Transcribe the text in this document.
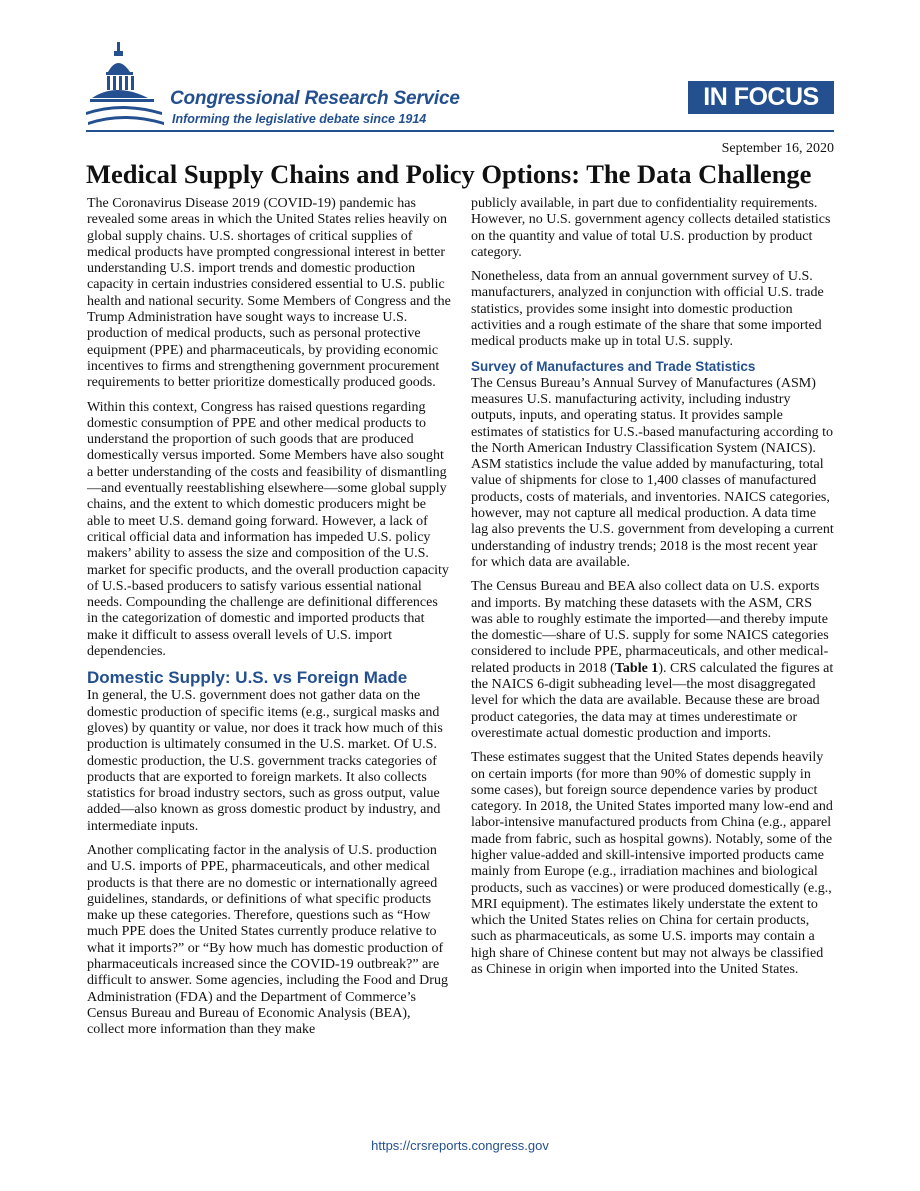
Congressional Research Service
Informing the legislative debate since 1914
IN FOCUS
September 16, 2020
Medical Supply Chains and Policy Options: The Data Challenge

The Coronavirus Disease 2019 (COVID-19) pandemic has revealed some areas in which the United States relies heavily on global supply chains. U.S. shortages of critical supplies of medical products have prompted congressional interest in better understanding U.S. import trends and domestic production capacity in certain industries considered essential to U.S. public health and national security. Some Members of Congress and the Trump Administration have sought ways to increase U.S. production of medical products, such as personal protective equipment (PPE) and pharmaceuticals, by providing economic incentives to firms and strengthening government procurement requirements to better prioritize domestically produced goods.

Within this context, Congress has raised questions regarding domestic consumption of PPE and other medical products to understand the proportion of such goods that are produced domestically versus imported. Some Members have also sought a better understanding of the costs and feasibility of dismantling—and eventually reestablishing elsewhere—some global supply chains, and the extent to which domestic producers might be able to meet U.S. demand going forward. However, a lack of critical official data and information has impeded U.S. policy makers’ ability to assess the size and composition of the U.S. market for specific products, and the overall production capacity of U.S.-based producers to satisfy various essential national needs. Compounding the challenge are definitional differences in the categorization of domestic and imported products that make it difficult to assess overall levels of U.S. import dependencies.

Domestic Supply: U.S. vs Foreign Made

In general, the U.S. government does not gather data on the domestic production of specific items (e.g., surgical masks and gloves) by quantity or value, nor does it track how much of this production is ultimately consumed in the U.S. market. Of U.S. domestic production, the U.S. government tracks categories of products that are exported to foreign markets. It also collects statistics for broad industry sectors, such as gross output, value added—also known as gross domestic product by industry, and intermediate inputs.

Another complicating factor in the analysis of U.S. production and U.S. imports of PPE, pharmaceuticals, and other medical products is that there are no domestic or internationally agreed guidelines, standards, or definitions of what specific products make up these categories. Therefore, questions such as “How much PPE does the United States currently produce relative to what it imports?” or “By how much has domestic production of pharmaceuticals increased since the COVID-19 outbreak?” are difficult to answer. Some agencies, including the Food and Drug Administration (FDA) and the Department of Commerce’s Census Bureau and Bureau of Economic Analysis (BEA), collect more information than they make

publicly available, in part due to confidentiality requirements. However, no U.S. government agency collects detailed statistics on the quantity and value of total U.S. production by product category.

Nonetheless, data from an annual government survey of U.S. manufacturers, analyzed in conjunction with official U.S. trade statistics, provides some insight into domestic production activities and a rough estimate of the share that some imported medical products make up in total U.S. supply.

Survey of Manufactures and Trade Statistics

The Census Bureau’s Annual Survey of Manufactures (ASM) measures U.S. manufacturing activity, including industry outputs, inputs, and operating status. It provides sample estimates of statistics for U.S.-based manufacturing according to the North American Industry Classification System (NAICS). ASM statistics include the value added by manufacturing, total value of shipments for close to 1,400 classes of manufactured products, costs of materials, and inventories. NAICS categories, however, may not capture all medical production. A data time lag also prevents the U.S. government from developing a current understanding of industry trends; 2018 is the most recent year for which data are available.

The Census Bureau and BEA also collect data on U.S. exports and imports. By matching these datasets with the ASM, CRS was able to roughly estimate the imported—and thereby impute the domestic—share of U.S. supply for some NAICS categories considered to include PPE, pharmaceuticals, and other medical-related products in 2018 (Table 1). CRS calculated the figures at the NAICS 6-digit subheading level—the most disaggregated level for which the data are available. Because these are broad product categories, the data may at times underestimate or overestimate actual domestic production and imports.

These estimates suggest that the United States depends heavily on certain imports (for more than 90% of domestic supply in some cases), but foreign source dependence varies by product category. In 2018, the United States imported many low-end and labor-intensive manufactured products from China (e.g., apparel made from fabric, such as hospital gowns). Notably, some of the higher value-added and skill-intensive imported products came mainly from Europe (e.g., irradiation machines and biological products, such as vaccines) or were produced domestically (e.g., MRI equipment). The estimates likely understate the extent to which the United States relies on China for certain products, such as pharmaceuticals, as some U.S. imports may contain a high share of Chinese content but may not always be classified as Chinese in origin when imported into the United States.

https://crsreports.congress.gov
